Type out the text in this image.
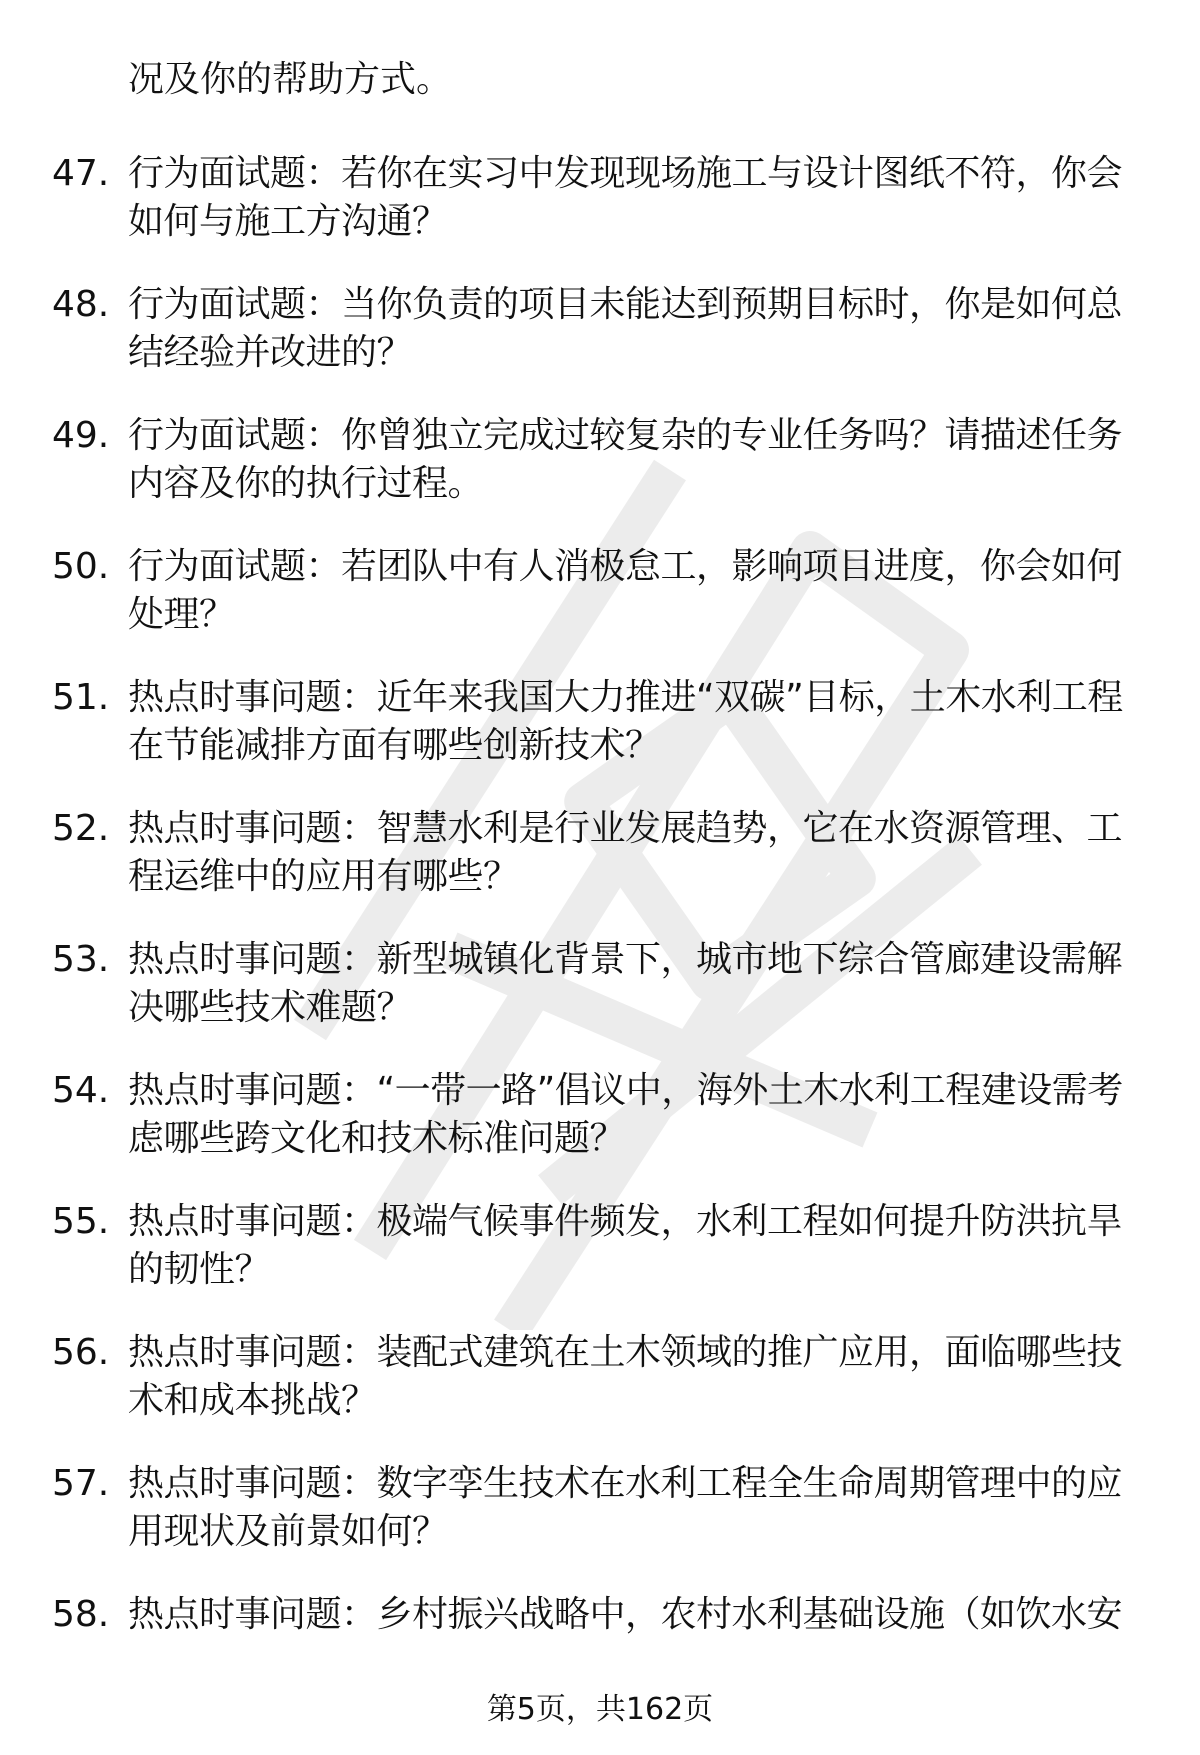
况及你的帮助方式。

47. 行为面试题：若你在实习中发现现场施工与设计图纸不符，你会如何与施工方沟通？
48. 行为面试题：当你负责的项目未能达到预期目标时，你是如何总结经验并改进的？
49. 行为面试题：你曾独立完成过较复杂的专业任务吗？请描述任务内容及你的执行过程。
50. 行为面试题：若团队中有人消极怠工，影响项目进度，你会如何处理？
51. 热点时事问题：近年来我国大力推进“双碳”目标，土木水利工程在节能减排方面有哪些创新技术？
52. 热点时事问题：智慧水利是行业发展趋势，它在水资源管理、工程运维中的应用有哪些？
53. 热点时事问题：新型城镇化背景下，城市地下综合管廊建设需解决哪些技术难题？
54. 热点时事问题：“一带一路”倡议中，海外土木水利工程建设需考虑哪些跨文化和技术标准问题？
55. 热点时事问题：极端气候事件频发，水利工程如何提升防洪抗旱的韧性？
56. 热点时事问题：装配式建筑在土木领域的推广应用，面临哪些技术和成本挑战？
57. 热点时事问题：数字孪生技术在水利工程全生命周期管理中的应用现状及前景如何？
58. 热点时事问题：乡村振兴战略中，农村水利基础设施（如饮水安
第5页，共162页
